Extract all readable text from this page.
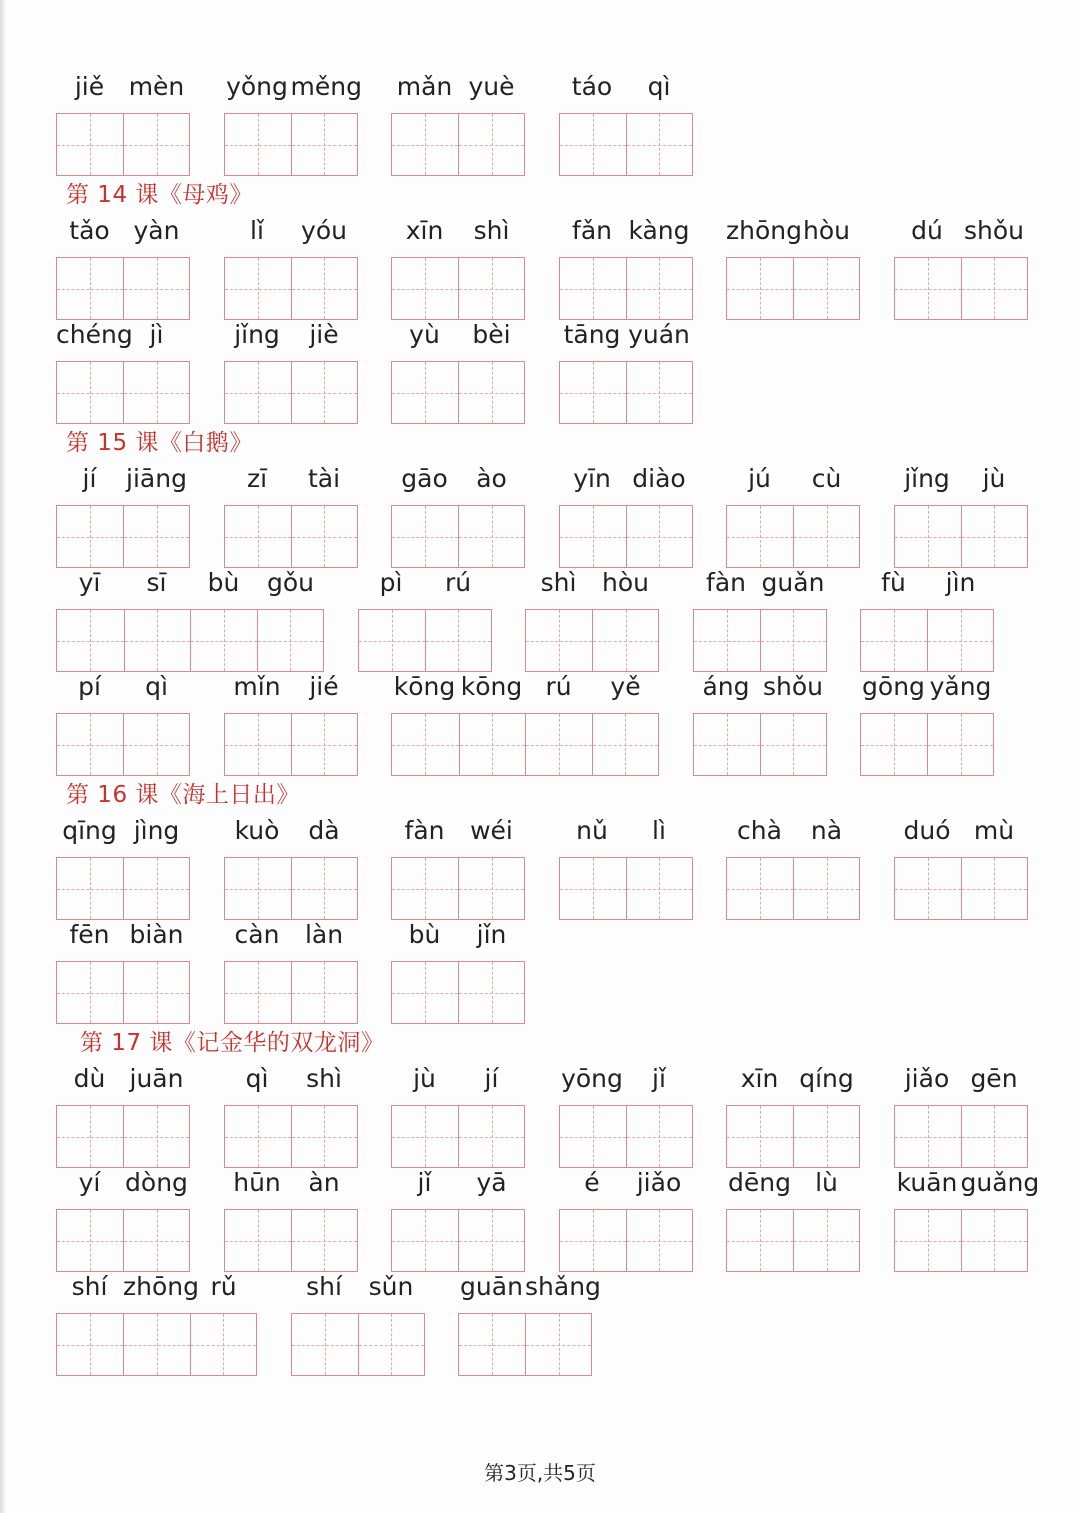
jiě mèn yǒng měng mǎn yuè	táo	qì
第 14 课《母鸡》
tǎo yàn	lǐ	yóu	xīn	shì	fǎn kàng zhōng hòu	dú shǒu
chéng jì	jǐng	jiè	yù	bèi	tāng yuán
第 15 课《白鹅》
jí	jiāng	zī	tài	gāo	ào	yīn diào	jú	cù	jǐng	jù
yī	sī	bù	gǒu	pì	rú	shì	hòu	fàn guǎn	fù	jìn
pí	qì	mǐn	jié	kōng kōng rú	yě	áng shǒu gōng yǎng
第 16 课《海上日出》
qīng jìng	kuò	dà	fàn	wéi	nǔ	lì	chà	nà	duó mù
fēn biàn	càn	làn	bù	jǐn
第 17 课《记金华的双龙洞》
dù juān	qì	shì	jù	jí	yōng	jǐ	xīn qíng	jiǎo gēn
yí dòng	hūn	àn	jǐ	yā	é	jiǎo	dēng lù	kuān guǎng
shí zhōng rǔ	shí	sǔn	guān shǎng
第3页,共5页
